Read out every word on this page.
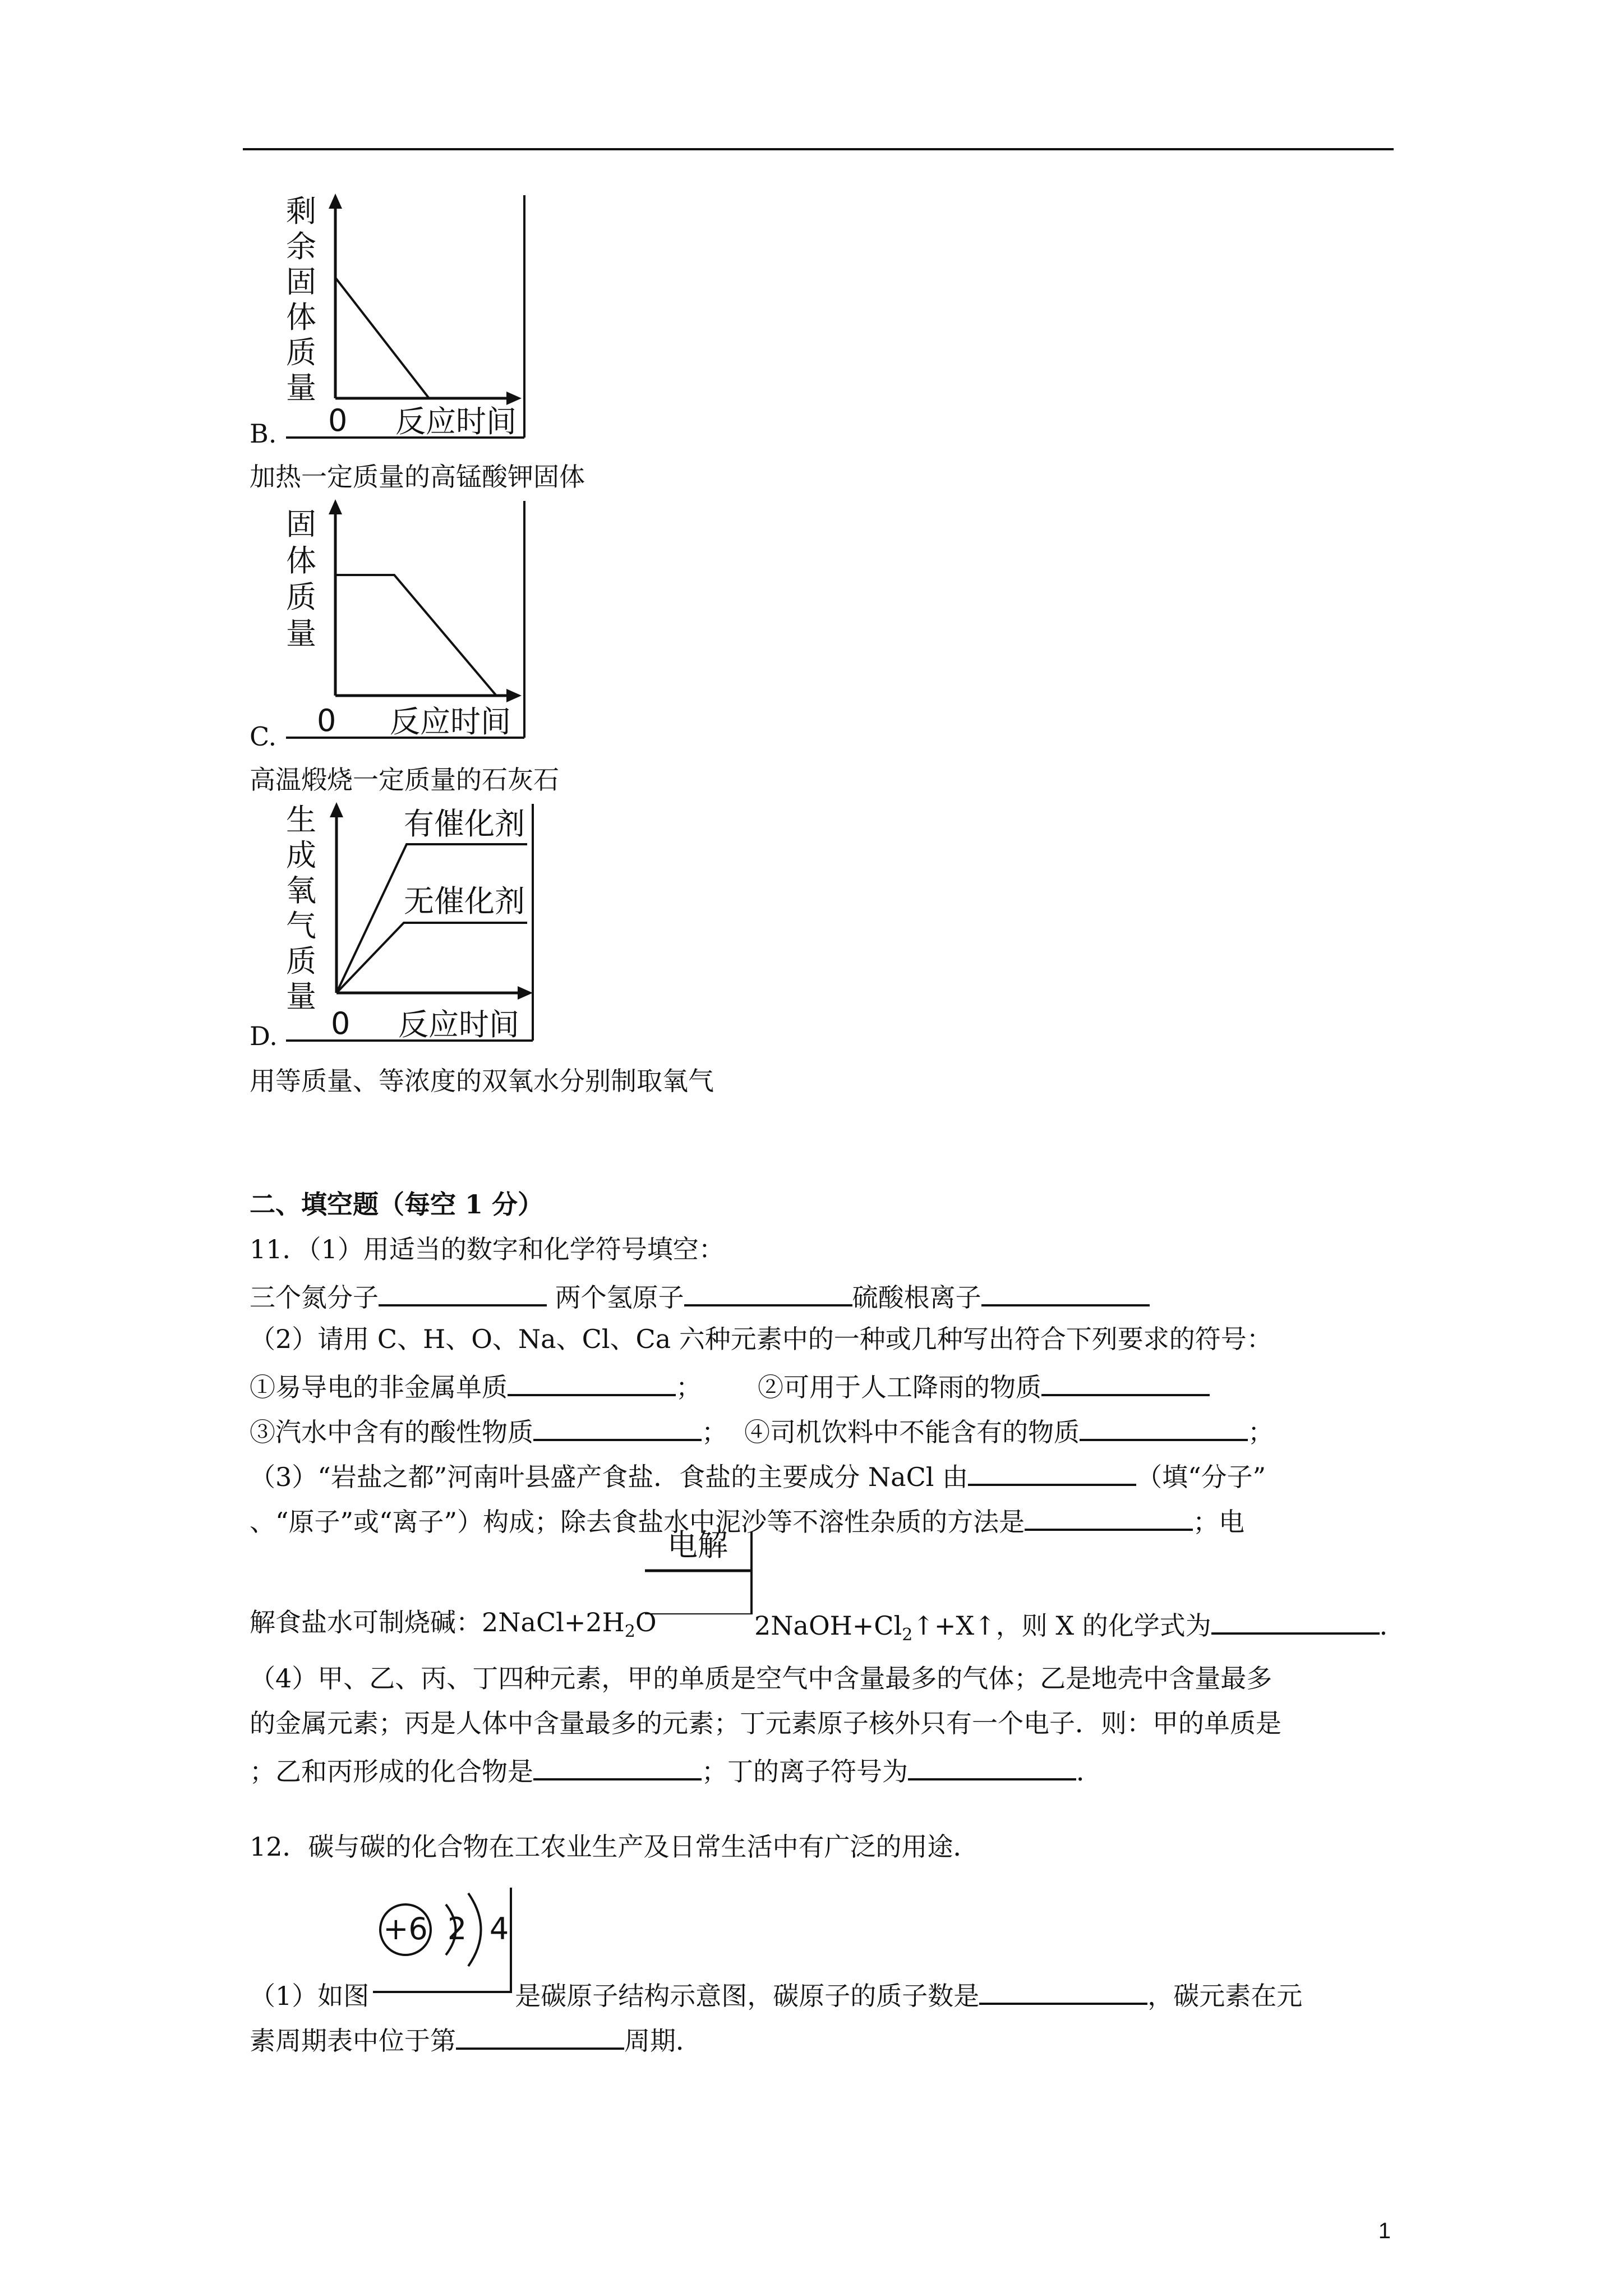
剩
余
固
体
质
量
0 反应时间
B.
加热一定质量的高锰酸钾固体
固
体
质
量
0 反应时间
C.
高温煅烧一定质量的石灰石
生
成
氧
气
质
量
有催化剂
无催化剂
0 反应时间
D.
用等质量、等浓度的双氧水分别制取氧气
二、填空题（每空 1 分）
11．（1）用适当的数字和化学符号填空：
三个氮分子	两个氢原子	硫酸根离子
（2）请用 C、H、O、Na、Cl、Ca 六种元素中的一种或几种写出符合下列要求的符号：
①易导电的非金属单质	； ②可用于人工降雨的物质
③汽水中含有的酸性物质	； ④司机饮料中不能含有的物质	；
（3）“岩盐之都”河南叶县盛产食盐．食盐的主要成分 NaCl 由	（填“分子”
、“原子”或“离子”）构成；除去食盐水中泥沙等不溶性杂质的方法是	；电
电解
解食盐水可制烧碱：$2NaCl+2H_2O$	$2NaOH+Cl_2↑+X↑$，则 X 的化学式为	．
（4）甲、乙、丙、丁四种元素，甲的单质是空气中含量最多的气体；乙是地壳中含量最多
的金属元素；丙是人体中含量最多的元素；丁元素原子核外只有一个电子．则：甲的单质是
；乙和丙形成的化合物是	；丁的离子符号为	．
12．碳与碳的化合物在工农业生产及日常生活中有广泛的用途．
+6 2 4
（1）如图	是碳原子结构示意图，碳原子的质子数是	，碳元素在元
素周期表中位于第	周期．
1
